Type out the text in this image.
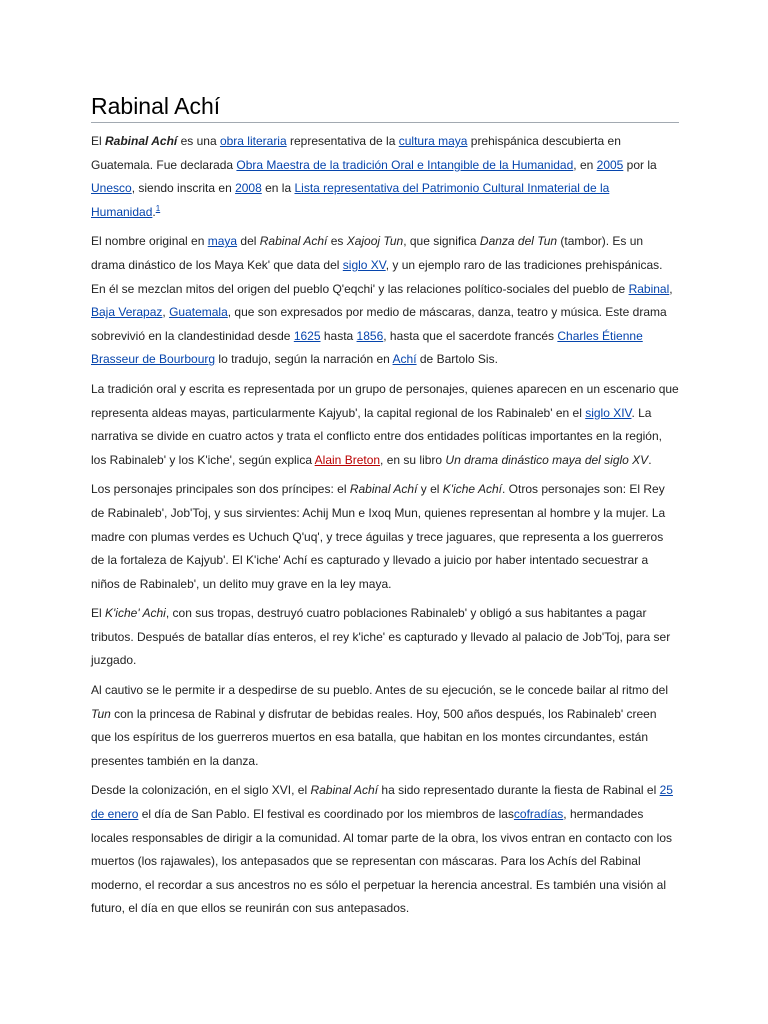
Rabinal Achí

El Rabinal Achí es una obra literaria representativa de la cultura maya prehispánica descubierta en Guatemala. Fue declarada Obra Maestra de la tradición Oral e Intangible de la Humanidad, en 2005 por la Unesco, siendo inscrita en 2008 en la Lista representativa del Patrimonio Cultural Inmaterial de la Humanidad.$^1$

El nombre original en maya del Rabinal Achí es Xajooj Tun, que significa Danza del Tun (tambor). Es un drama dinástico de los Maya Kek' que data del siglo XV, y un ejemplo raro de las tradiciones prehispánicas. En él se mezclan mitos del origen del pueblo Q'eqchi' y las relaciones político-sociales del pueblo de Rabinal, Baja Verapaz, Guatemala, que son expresados por medio de máscaras, danza, teatro y música. Este drama sobrevivió en la clandestinidad desde 1625 hasta 1856, hasta que el sacerdote francés Charles Étienne Brasseur de Bourbourg lo tradujo, según la narración en Achí de Bartolo Sis.

La tradición oral y escrita es representada por un grupo de personajes, quienes aparecen en un escenario que representa aldeas mayas, particularmente Kajyub', la capital regional de los Rabinaleb' en el siglo XIV. La narrativa se divide en cuatro actos y trata el conflicto entre dos entidades políticas importantes en la región, los Rabinaleb' y los K'iche', según explica Alain Breton, en su libro Un drama dinástico maya del siglo XV.

Los personajes principales son dos príncipes: el Rabinal Achí y el K'iche Achí. Otros personajes son: El Rey de Rabinaleb', Job'Toj, y sus sirvientes: Achij Mun e Ixoq Mun, quienes representan al hombre y la mujer. La madre con plumas verdes es Uchuch Q'uq', y trece águilas y trece jaguares, que representa a los guerreros de la fortaleza de Kajyub'. El K'iche' Achí es capturado y llevado a juicio por haber intentado secuestrar a niños de Rabinaleb', un delito muy grave en la ley maya.

El K'iche' Achi, con sus tropas, destruyó cuatro poblaciones Rabinaleb' y obligó a sus habitantes a pagar tributos. Después de batallar días enteros, el rey k'iche' es capturado y llevado al palacio de Job'Toj, para ser juzgado.

Al cautivo se le permite ir a despedirse de su pueblo. Antes de su ejecución, se le concede bailar al ritmo del Tun con la princesa de Rabinal y disfrutar de bebidas reales. Hoy, 500 años después, los Rabinaleb' creen que los espíritus de los guerreros muertos en esa batalla, que habitan en los montes circundantes, están presentes también en la danza.

Desde la colonización, en el siglo XVI, el Rabinal Achí ha sido representado durante la fiesta de Rabinal el 25 de enero el día de San Pablo. El festival es coordinado por los miembros de lascofradías, hermandades locales responsables de dirigir a la comunidad. Al tomar parte de la obra, los vivos entran en contacto con los muertos (los rajawales), los antepasados que se representan con máscaras. Para los Achís del Rabinal moderno, el recordar a sus ancestros no es sólo el perpetuar la herencia ancestral. Es también una visión al futuro, el día en que ellos se reunirán con sus antepasados.
